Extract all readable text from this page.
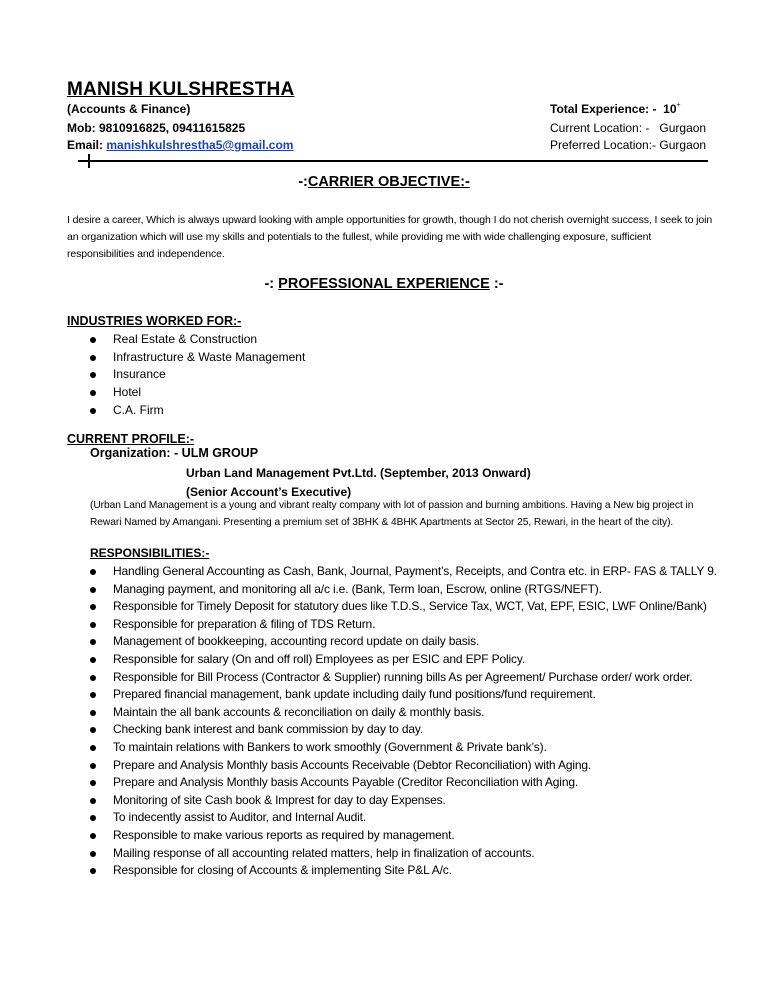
MANISH KULSHRESTHA
(Accounts & Finance)
Mob: 9810916825, 09411615825
Email: manishkulshrestha5@gmail.com
Total Experience: - 10+
Current Location: - Gurgaon
Preferred Location:- Gurgaon
-:CARRIER OBJECTIVE:-
I desire a career, Which is always upward looking with ample opportunities for growth, though I do not cherish overnight success, I seek to join an organization which will use my skills and potentials to the fullest, while providing me with wide challenging exposure, sufficient responsibilities and independence.
-: PROFESSIONAL EXPERIENCE :-
INDUSTRIES WORKED FOR:-
Real Estate & Construction
Infrastructure & Waste Management
Insurance
Hotel
C.A. Firm
CURRENT PROFILE:-
Organization: - ULM GROUP
Urban Land Management Pvt.Ltd. (September, 2013 Onward)
(Senior Account’s Executive)
(Urban Land Management is a young and vibrant realty company with lot of passion and burning ambitions. Having a New big project in Rewari Named by Amangani. Presenting a premium set of 3BHK & 4BHK Apartments at Sector 25, Rewari, in the heart of the city).
RESPONSIBILITIES:-
Handling General Accounting as Cash, Bank, Journal, Payment’s, Receipts, and Contra etc. in ERP- FAS & TALLY 9.
Managing payment, and monitoring all a/c i.e. (Bank, Term loan, Escrow, online (RTGS/NEFT).
Responsible for Timely Deposit for statutory dues like T.D.S., Service Tax, WCT, Vat, EPF, ESIC, LWF Online/Bank)
Responsible for preparation & filing of TDS Return.
Management of bookkeeping, accounting record update on daily basis.
Responsible for salary (On and off roll) Employees as per ESIC and EPF Policy.
Responsible for Bill Process (Contractor & Supplier) running bills As per Agreement/ Purchase order/ work order.
Prepared financial management, bank update including daily fund positions/fund requirement.
Maintain the all bank accounts & reconciliation on daily & monthly basis.
Checking bank interest and bank commission by day to day.
To maintain relations with Bankers to work smoothly (Government & Private bank’s).
Prepare and Analysis Monthly basis Accounts Receivable (Debtor Reconciliation) with Aging.
Prepare and Analysis Monthly basis Accounts Payable (Creditor Reconciliation with Aging.
Monitoring of site Cash book & Imprest for day to day Expenses.
To indecently assist to Auditor, and Internal Audit.
Responsible to make various reports as required by management.
Mailing response of all accounting related matters, help in finalization of accounts.
Responsible for closing of Accounts & implementing Site P&L A/c.
